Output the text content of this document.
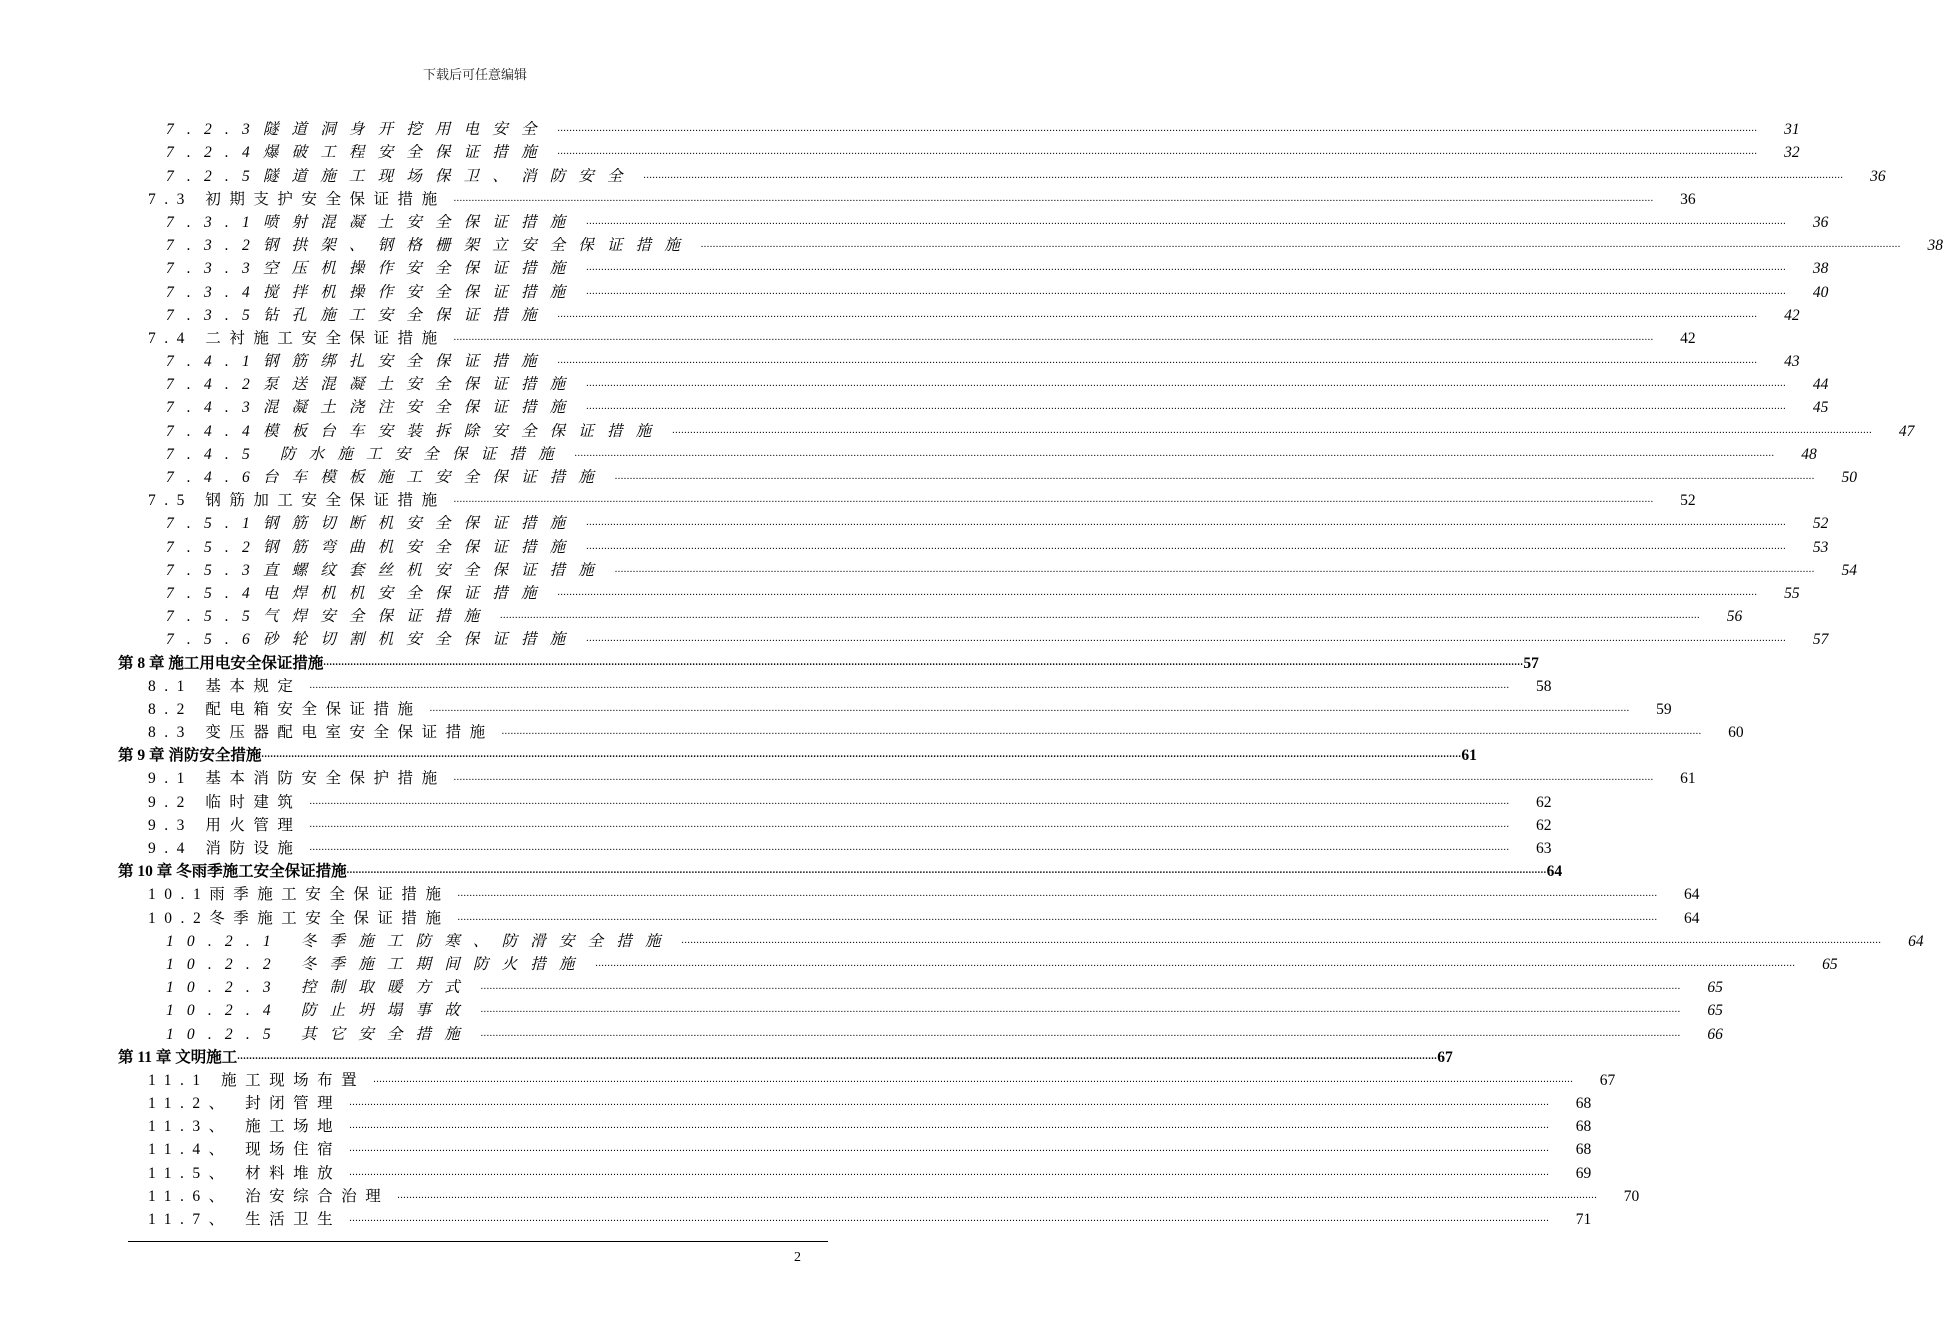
下载后可任意编辑
7.2.3隧道洞身开挖用电安全 ................................................................................................................................................................................................................................................................................................................................................................................................................	31
7.2.4爆破工程安全保证措施 ................................................................................................................................................................................................................................................................................................................................................................................................................	32
7.2.5隧道施工现场保卫、消防安全 ................................................................................................................................................................................................................................................................................................................................................................................................................	36
7.3 初期支护安全保证措施 ................................................................................................................................................................................................................................................................................................................................................................................................................	36
7.3.1喷射混凝土安全保证措施 ................................................................................................................................................................................................................................................................................................................................................................................................................	36
7.3.2钢拱架、钢格栅架立安全保证措施 ................................................................................................................................................................................................................................................................................................................................................................................................................	38
7.3.3空压机操作安全保证措施 ................................................................................................................................................................................................................................................................................................................................................................................................................	38
7.3.4搅拌机操作安全保证措施 ................................................................................................................................................................................................................................................................................................................................................................................................................	40
7.3.5钻孔施工安全保证措施 ................................................................................................................................................................................................................................................................................................................................................................................................................	42
7.4 二衬施工安全保证措施 ................................................................................................................................................................................................................................................................................................................................................................................................................	42
7.4.1钢筋绑扎安全保证措施 ................................................................................................................................................................................................................................................................................................................................................................................................................	43
7.4.2泵送混凝土安全保证措施 ................................................................................................................................................................................................................................................................................................................................................................................................................	44
7.4.3混凝土浇注安全保证措施 ................................................................................................................................................................................................................................................................................................................................................................................................................	45
7.4.4模板台车安装拆除安全保证措施 ................................................................................................................................................................................................................................................................................................................................................................................................................	47
7.4.5 防水施工安全保证措施 ................................................................................................................................................................................................................................................................................................................................................................................................................	48
7.4.6台车模板施工安全保证措施 ................................................................................................................................................................................................................................................................................................................................................................................................................	50
7.5 钢筋加工安全保证措施 ................................................................................................................................................................................................................................................................................................................................................................................................................	52
7.5.1钢筋切断机安全保证措施 ................................................................................................................................................................................................................................................................................................................................................................................................................	52
7.5.2钢筋弯曲机安全保证措施 ................................................................................................................................................................................................................................................................................................................................................................................................................	53
7.5.3直螺纹套丝机安全保证措施 ................................................................................................................................................................................................................................................................................................................................................................................................................	54
7.5.4电焊机机安全保证措施 ................................................................................................................................................................................................................................................................................................................................................................................................................	55
7.5.5气焊安全保证措施 ................................................................................................................................................................................................................................................................................................................................................................................................................	56
7.5.6砂轮切割机安全保证措施 ................................................................................................................................................................................................................................................................................................................................................................................................................	57
第 8 章 施工用电安全保证措施 ................................................................................................................................................................................................................................................................................................................................................................................................................ 57
8.1 基本规定 ................................................................................................................................................................................................................................................................................................................................................................................................................	58
8.2 配电箱安全保证措施 ................................................................................................................................................................................................................................................................................................................................................................................................................	59
8.3 变压器配电室安全保证措施 ................................................................................................................................................................................................................................................................................................................................................................................................................	60
第 9 章 消防安全措施 ................................................................................................................................................................................................................................................................................................................................................................................................................ 61
9.1 基本消防安全保护措施 ................................................................................................................................................................................................................................................................................................................................................................................................................	61
9.2 临时建筑 ................................................................................................................................................................................................................................................................................................................................................................................................................	62
9.3 用火管理 ................................................................................................................................................................................................................................................................................................................................................................................................................	62
9.4 消防设施 ................................................................................................................................................................................................................................................................................................................................................................................................................	63
第 10 章 冬雨季施工安全保证措施 ................................................................................................................................................................................................................................................................................................................................................................................................................ 64
10.1雨季施工安全保证措施 ................................................................................................................................................................................................................................................................................................................................................................................................................	64
10.2冬季施工安全保证措施 ................................................................................................................................................................................................................................................................................................................................................................................................................	64
10.2.1 冬季施工防寒、防滑安全措施 ................................................................................................................................................................................................................................................................................................................................................................................................................	64
10.2.2 冬季施工期间防火措施 ................................................................................................................................................................................................................................................................................................................................................................................................................	65
10.2.3 控制取暖方式 ................................................................................................................................................................................................................................................................................................................................................................................................................	65
10.2.4 防止坍塌事故 ................................................................................................................................................................................................................................................................................................................................................................................................................	65
10.2.5 其它安全措施 ................................................................................................................................................................................................................................................................................................................................................................................................................	66
第 11 章 文明施工 ................................................................................................................................................................................................................................................................................................................................................................................................................ 67
11.1 施工现场布置 ................................................................................................................................................................................................................................................................................................................................................................................................................	67
11.2、 封闭管理 ................................................................................................................................................................................................................................................................................................................................................................................................................	68
11.3、 施工场地 ................................................................................................................................................................................................................................................................................................................................................................................................................	68
11.4、 现场住宿 ................................................................................................................................................................................................................................................................................................................................................................................................................	68
11.5、 材料堆放 ................................................................................................................................................................................................................................................................................................................................................................................................................	69
11.6、 治安综合治理 ................................................................................................................................................................................................................................................................................................................................................................................................................	70
11.7、 生活卫生 ................................................................................................................................................................................................................................................................................................................................................................................................................	71
2
